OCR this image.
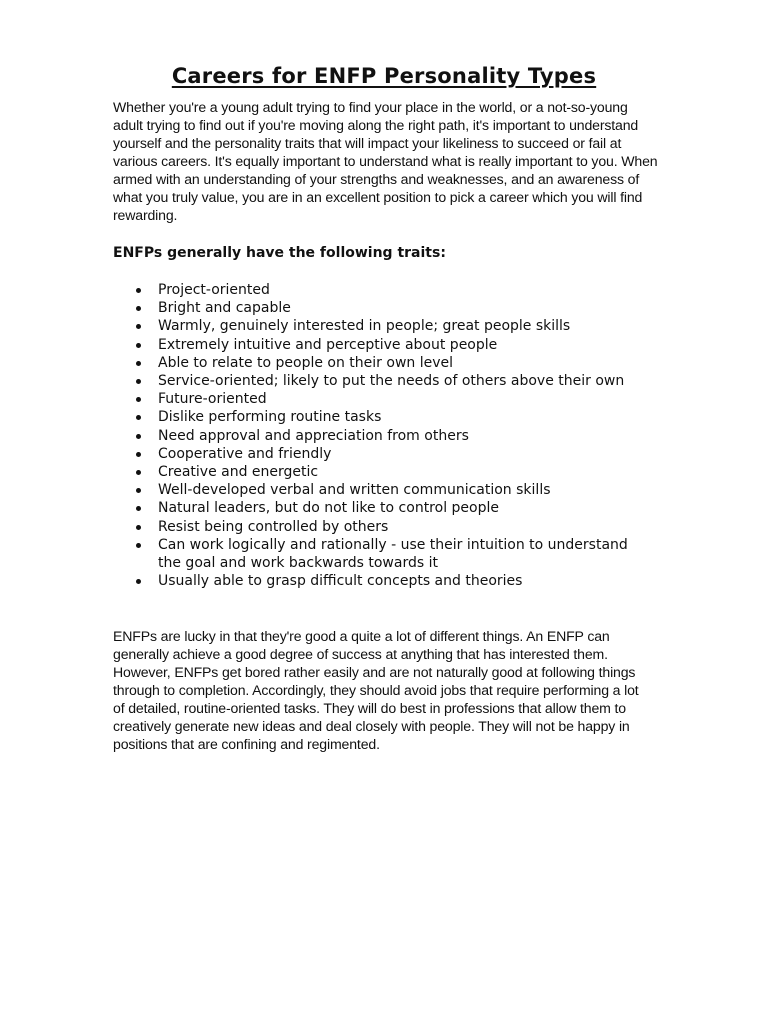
Careers for ENFP Personality Types

Whether you're a young adult trying to find your place in the world, or a not-so-young adult trying to find out if you're moving along the right path, it's important to understand yourself and the personality traits that will impact your likeliness to succeed or fail at various careers. It's equally important to understand what is really important to you. When armed with an understanding of your strengths and weaknesses, and an awareness of what you truly value, you are in an excellent position to pick a career which you will find rewarding.

ENFPs generally have the following traits:
Project-oriented
Bright and capable
Warmly, genuinely interested in people; great people skills
Extremely intuitive and perceptive about people
Able to relate to people on their own level
Service-oriented; likely to put the needs of others above their own
Future-oriented
Dislike performing routine tasks
Need approval and appreciation from others
Cooperative and friendly
Creative and energetic
Well-developed verbal and written communication skills
Natural leaders, but do not like to control people
Resist being controlled by others
Can work logically and rationally - use their intuition to understand the goal and work backwards towards it
Usually able to grasp difficult concepts and theories

ENFPs are lucky in that they're good a quite a lot of different things. An ENFP can generally achieve a good degree of success at anything that has interested them. However, ENFPs get bored rather easily and are not naturally good at following things through to completion. Accordingly, they should avoid jobs that require performing a lot of detailed, routine-oriented tasks. They will do best in professions that allow them to creatively generate new ideas and deal closely with people. They will not be happy in positions that are confining and regimented.
